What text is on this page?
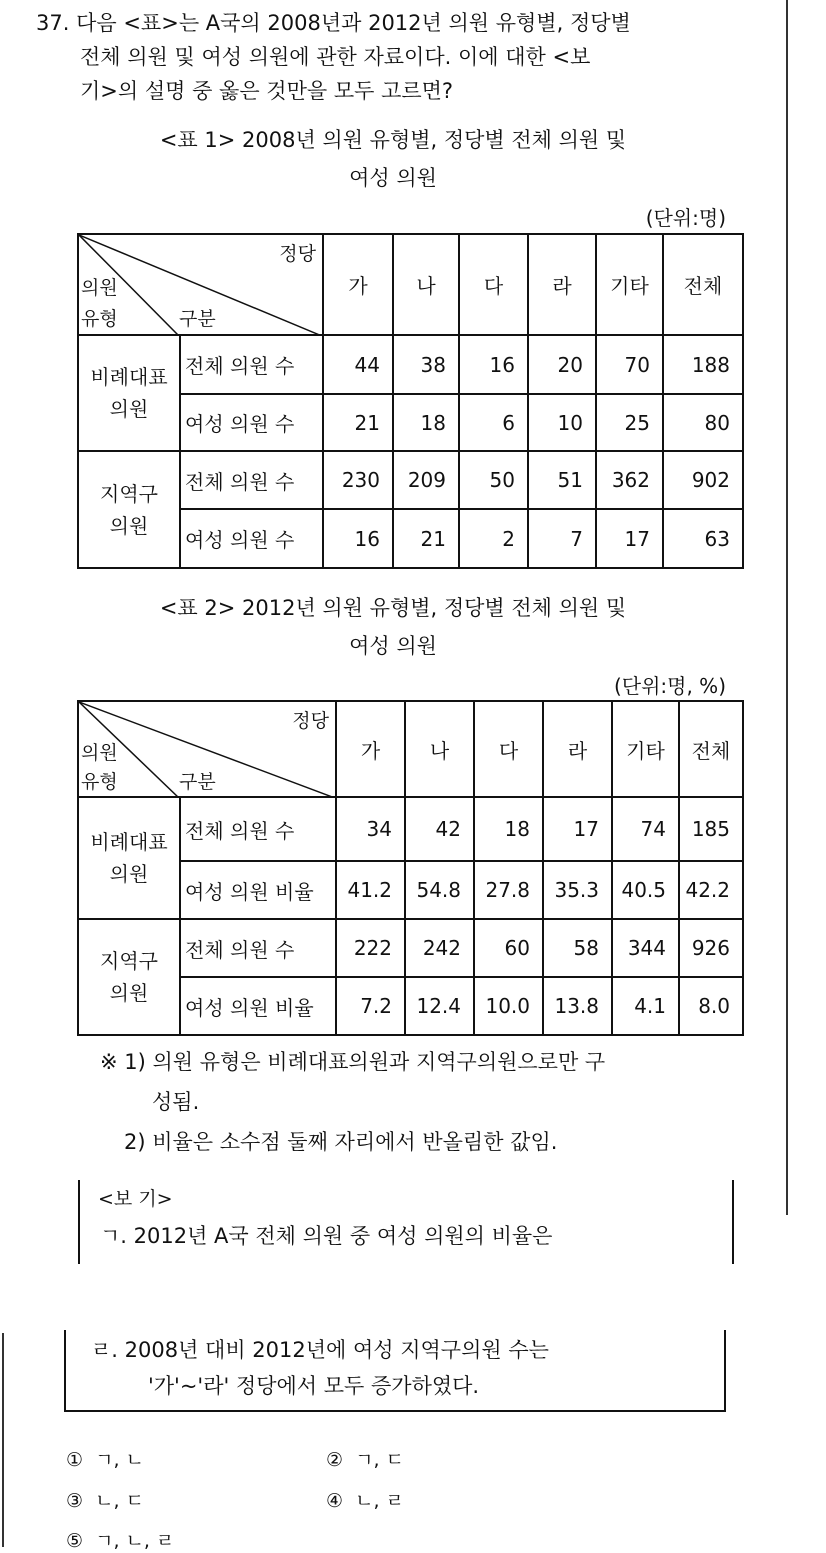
37. 다음 <표>는 A국의 2008년과 2012년 의원 유형별, 정당별
전체 의원 및 여성 의원에 관한 자료이다. 이에 대한 <보
기>의 설명 중 옳은 것만을 모두 고르면?
<표 1> 2008년 의원 유형별, 정당별 전체 의원 및
여성 의원
(단위:명)
정당
의원
유형 구분		가	나	다	라	기타	전체
비례대표
의원	전체 의원 수	44	38	16	20	70	188
	여성 의원 수	21	18	6	10	25	80
지역구
의원	전체 의원 수	230	209	50	51	362	902
	여성 의원 수	16	21	2	7	17	63
<표 2> 2012년 의원 유형별, 정당별 전체 의원 및
여성 의원
(단위:명, %)
정당
의원
유형 구분		가	나	다	라	기타	전체
비례대표
의원	전체 의원 수	34	42	18	17	74	185
	여성 의원 비율	41.2	54.8	27.8	35.3	40.5	42.2
지역구
의원	전체 의원 수	222	242	60	58	344	926
	여성 의원 비율	7.2	12.4	10.0	13.8	4.1	8.0
※ 1) 의원 유형은 비례대표의원과 지역구의원으로만 구
성됨.
2) 비율은 소수점 둘째 자리에서 반올림한 값임.
<보 기>
ㄱ. 2012년 A국 전체 의원 중 여성 의원의 비율은
ㄹ. 2008년 대비 2012년에 여성 지역구의원 수는
'가'~'라' 정당에서 모두 증가하였다.
① ㄱ, ㄴ	② ㄱ, ㄷ
③ ㄴ, ㄷ	④ ㄴ, ㄹ
⑤ ㄱ, ㄴ, ㄹ
